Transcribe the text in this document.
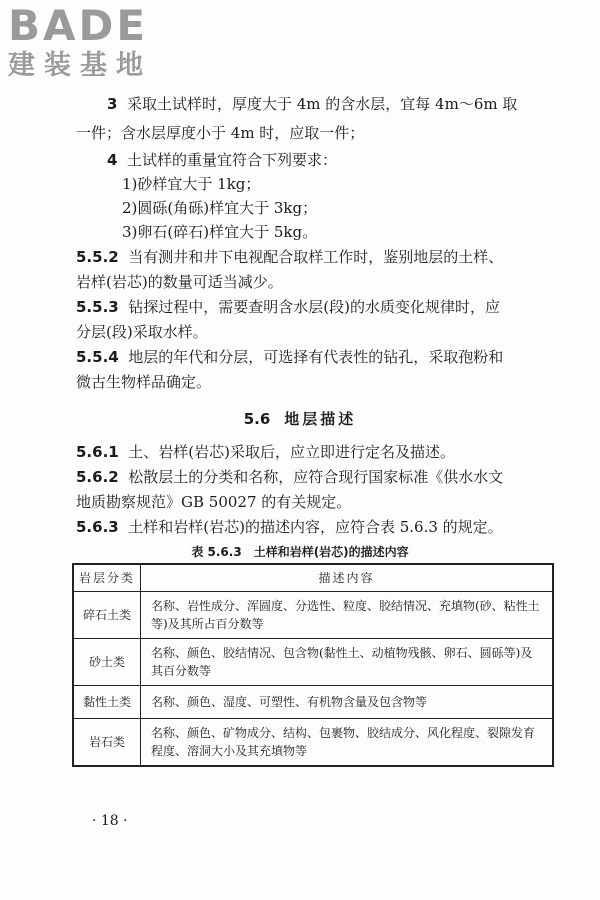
BADE
建装基地
3 采取土试样时，厚度大于 4m 的含水层，宜每 4m～6m 取
一件；含水层厚度小于 4m 时，应取一件；
4 土试样的重量宜符合下列要求：
1)砂样宜大于 1kg；
2)圆砾(角砾)样宜大于 3kg；
3)卵石(碎石)样宜大于 5kg。
5.5.2 当有测井和井下电视配合取样工作时，鉴别地层的土样、
岩样(岩芯)的数量可适当减少。
5.5.3 钻探过程中，需要查明含水层(段)的水质变化规律时，应
分层(段)采取水样。
5.5.4 地层的年代和分层，可选择有代表性的钻孔，采取孢粉和
微古生物样品确定。
5.6 地层描述
5.6.1 土、岩样(岩芯)采取后，应立即进行定名及描述。
5.6.2 松散层土的分类和名称，应符合现行国家标准《供水水文
地质勘察规范》GB 50027 的有关规定。
5.6.3 土样和岩样(岩芯)的描述内容，应符合表 5.6.3 的规定。
表 5.6.3 土样和岩样(岩芯)的描述内容
岩层分类	描述内容
碎石土类	名称、岩性成分、浑圆度、分选性、粒度、胶结情况、充填物(砂、粘性土等)及其所占百分数等
砂土类	名称、颜色、胶结情况、包含物(黏性土、动植物残骸、卵石、圆砾等)及其百分数等
黏性土类	名称、颜色、湿度、可塑性、有机物含量及包含物等
岩石类	名称、颜色、矿物成分、结构、包裹物、胶结成分、风化程度、裂隙发育程度、溶洞大小及其充填物等
· 18 ·
